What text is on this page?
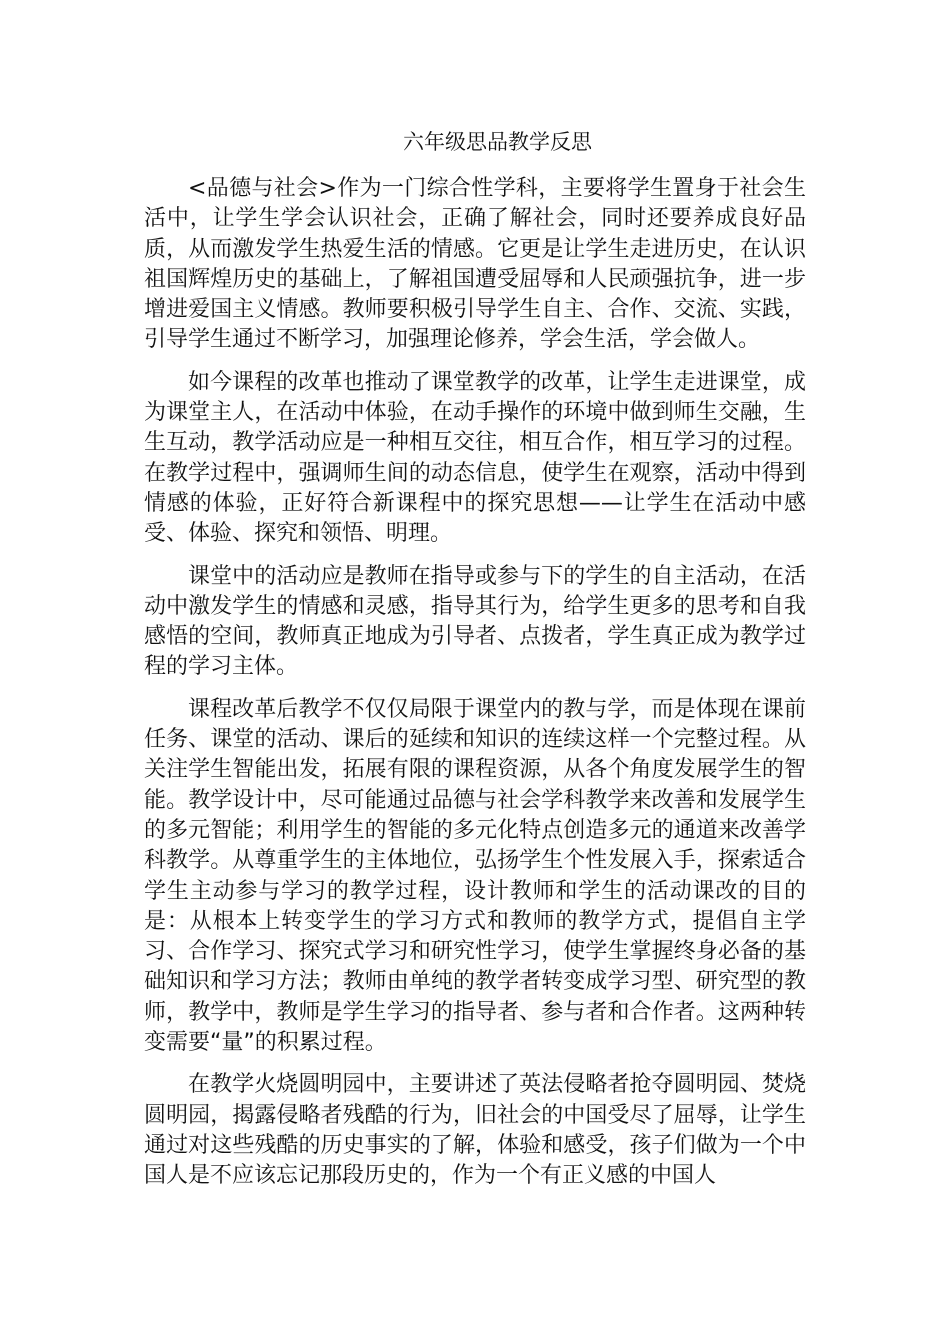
六年级思品教学反思

<品德与社会>作为一门综合性学科，主要将学生置身于社会生活中，让学生学会认识社会，正确了解社会，同时还要养成良好品质，从而激发学生热爱生活的情感。它更是让学生走进历史，在认识祖国辉煌历史的基础上，了解祖国遭受屈辱和人民顽强抗争，进一步增进爱国主义情感。教师要积极引导学生自主、合作、交流、实践，引导学生通过不断学习，加强理论修养，学会生活，学会做人。

如今课程的改革也推动了课堂教学的改革，让学生走进课堂，成为课堂主人，在活动中体验，在动手操作的环境中做到师生交融，生生互动，教学活动应是一种相互交往，相互合作，相互学习的过程。在教学过程中，强调师生间的动态信息，使学生在观察，活动中得到情感的体验，正好符合新课程中的探究思想——让学生在活动中感受、体验、探究和领悟、明理。

课堂中的活动应是教师在指导或参与下的学生的自主活动，在活动中激发学生的情感和灵感，指导其行为，给学生更多的思考和自我感悟的空间，教师真正地成为引导者、点拨者，学生真正成为教学过程的学习主体。

课程改革后教学不仅仅局限于课堂内的教与学，而是体现在课前任务、课堂的活动、课后的延续和知识的连续这样一个完整过程。从关注学生智能出发，拓展有限的课程资源，从各个角度发展学生的智能。教学设计中，尽可能通过品德与社会学科教学来改善和发展学生的多元智能；利用学生的智能的多元化特点创造多元的通道来改善学科教学。从尊重学生的主体地位，弘扬学生个性发展入手，探索适合学生主动参与学习的教学过程，设计教师和学生的活动课改的目的是：从根本上转变学生的学习方式和教师的教学方式，提倡自主学习、合作学习、探究式学习和研究性学习，使学生掌握终身必备的基础知识和学习方法；教师由单纯的教学者转变成学习型、研究型的教师，教学中，教师是学生学习的指导者、参与者和合作者。这两种转变需要“量”的积累过程。

在教学火烧圆明园中，主要讲述了英法侵略者抢夺圆明园、焚烧圆明园，揭露侵略者残酷的行为，旧社会的中国受尽了屈辱，让学生通过对这些残酷的历史事实的了解，体验和感受，孩子们做为一个中国人是不应该忘记那段历史的，作为一个有正义感的中国人
